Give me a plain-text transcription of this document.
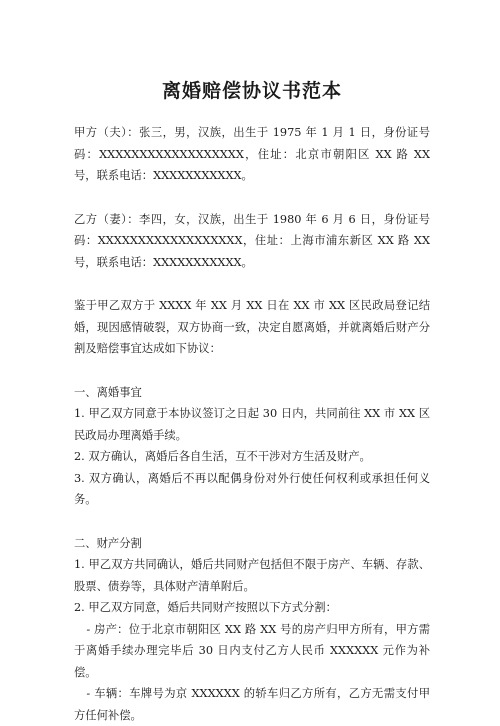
离婚赔偿协议书范本

甲方（夫）：张三，男，汉族，出生于 1975 年 1 月 1 日，身份证号码：XXXXXXXXXXXXXXXXXX，住址：北京市朝阳区 XX 路 XX 号，联系电话：XXXXXXXXXXX。

乙方（妻）：李四，女，汉族，出生于 1980 年 6 月 6 日，身份证号码：XXXXXXXXXXXXXXXXXX，住址：上海市浦东新区 XX 路 XX 号，联系电话：XXXXXXXXXXX。

鉴于甲乙双方于 XXXX 年 XX 月 XX 日在 XX 市 XX 区民政局登记结婚，现因感情破裂，双方协商一致，决定自愿离婚，并就离婚后财产分割及赔偿事宜达成如下协议：

一、离婚事宜

1. 甲乙双方同意于本协议签订之日起 30 日内，共同前往 XX 市 XX 区民政局办理离婚手续。

2. 双方确认，离婚后各自生活，互不干涉对方生活及财产。

3. 双方确认，离婚后不再以配偶身份对外行使任何权利或承担任何义务。

二、财产分割

1. 甲乙双方共同确认，婚后共同财产包括但不限于房产、车辆、存款、股票、债券等，具体财产清单附后。

2. 甲乙双方同意，婚后共同财产按照以下方式分割：

- 房产：位于北京市朝阳区 XX 路 XX 号的房产归甲方所有，甲方需于离婚手续办理完毕后 30 日内支付乙方人民币 XXXXXX 元作为补偿。

- 车辆：车牌号为京 XXXXXX 的轿车归乙方所有，乙方无需支付甲方任何补偿。
